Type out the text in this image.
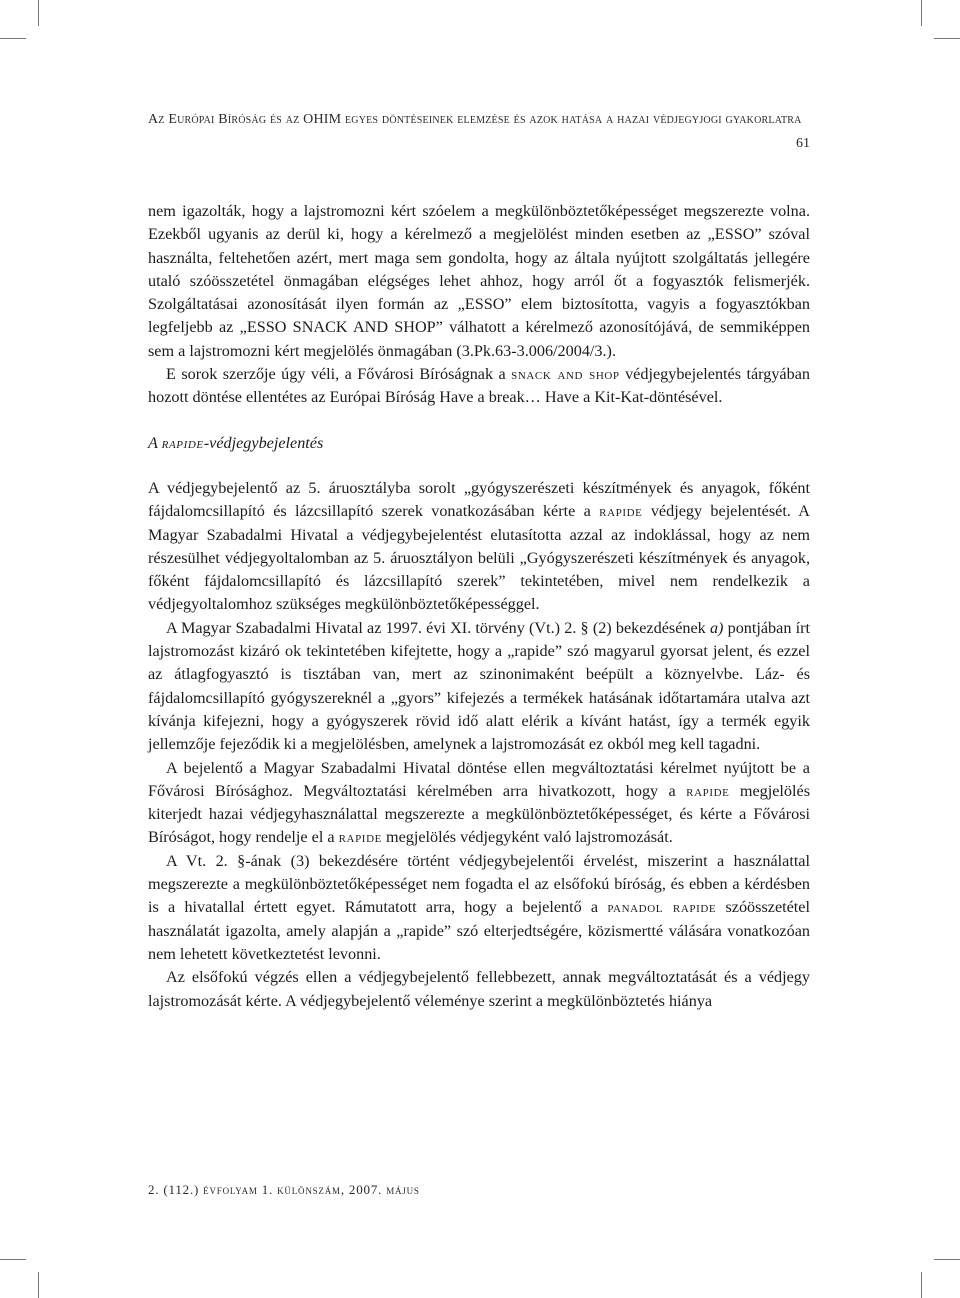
Az Európai Bíróság és az OHIM egyes döntéseinek elemzése és azok hatása a hazai védjegyjogi gyakorlatra
61

nem igazolták, hogy a lajstromozni kért szóelem a megkülönböztetőképességet megszerezte volna. Ezekből ugyanis az derül ki, hogy a kérelmező a megjelölést minden esetben az „ESSO” szóval használta, feltehetően azért, mert maga sem gondolta, hogy az általa nyújtott szolgáltatás jellegére utaló szóösszetétel önmagában elégséges lehet ahhoz, hogy arról őt a fogyasztók felismerjék. Szolgáltatásai azonosítását ilyen formán az „ESSO” elem biztosította, vagyis a fogyasztókban legfeljebb az „ESSO SNACK AND SHOP” válhatott a kérelmező azonosítójává, de semmiképpen sem a lajstromozni kért megjelölés önmagában (3.Pk.63-3.006/2004/3.).

E sorok szerzője úgy véli, a Fővárosi Bíróságnak a snack and shop védjegybejelentés tárgyában hozott döntése ellentétes az Európai Bíróság Have a break… Have a Kit-Kat-döntésével.

A rapide-védjegybejelentés

A védjegybejelentő az 5. áruosztályba sorolt „gyógyszerészeti készítmények és anyagok, főként fájdalomcsillapító és lázcsillapító szerek vonatkozásában kérte a rapide védjegy bejelentését. A Magyar Szabadalmi Hivatal a védjegybejelentést elutasította azzal az indoklással, hogy az nem részesülhet védjegyoltalomban az 5. áruosztályon belüli „Gyógyszerészeti készítmények és anyagok, főként fájdalomcsillapító és lázcsillapító szerek” tekintetében, mivel nem rendelkezik a védjegyoltalomhoz szükséges megkülönböztetőképességgel.

A Magyar Szabadalmi Hivatal az 1997. évi XI. törvény (Vt.) 2. § (2) bekezdésének a) pontjában írt lajstromozást kizáró ok tekintetében kifejtette, hogy a „rapide” szó magyarul gyorsat jelent, és ezzel az átlagfogyasztó is tisztában van, mert az szinonimaként beépült a köznyelvbe. Láz- és fájdalomcsillapító gyógyszereknél a „gyors” kifejezés a termékek hatásának időtartamára utalva azt kívánja kifejezni, hogy a gyógyszerek rövid idő alatt elérik a kívánt hatást, így a termék egyik jellemzője fejeződik ki a megjelölésben, amelynek a lajstromozását ez okból meg kell tagadni.

A bejelentő a Magyar Szabadalmi Hivatal döntése ellen megváltoztatási kérelmet nyújtott be a Fővárosi Bírósághoz. Megváltoztatási kérelmében arra hivatkozott, hogy a rapide megjelölés kiterjedt hazai védjegyhasználattal megszerezte a megkülönböztetőképességet, és kérte a Fővárosi Bíróságot, hogy rendelje el a rapide megjelölés védjegyként való lajstromozását.

A Vt. 2. §-ának (3) bekezdésére történt védjegybejelentői érvelést, miszerint a használattal megszerezte a megkülönböztetőképességet nem fogadta el az elsőfokú bíróság, és ebben a kérdésben is a hivatallal értett egyet. Rámutatott arra, hogy a bejelentő a panadol rapide szóösszetétel használatát igazolta, amely alapján a „rapide” szó elterjedtségére, közismertté válására vonatkozóan nem lehetett következtetést levonni.

Az elsőfokú végzés ellen a védjegybejelentő fellebbezett, annak megváltoztatását és a védjegy lajstromozását kérte. A védjegybejelentő véleménye szerint a megkülönböztetés hiánya

2. (112.) évfolyam 1. különszám, 2007. május
